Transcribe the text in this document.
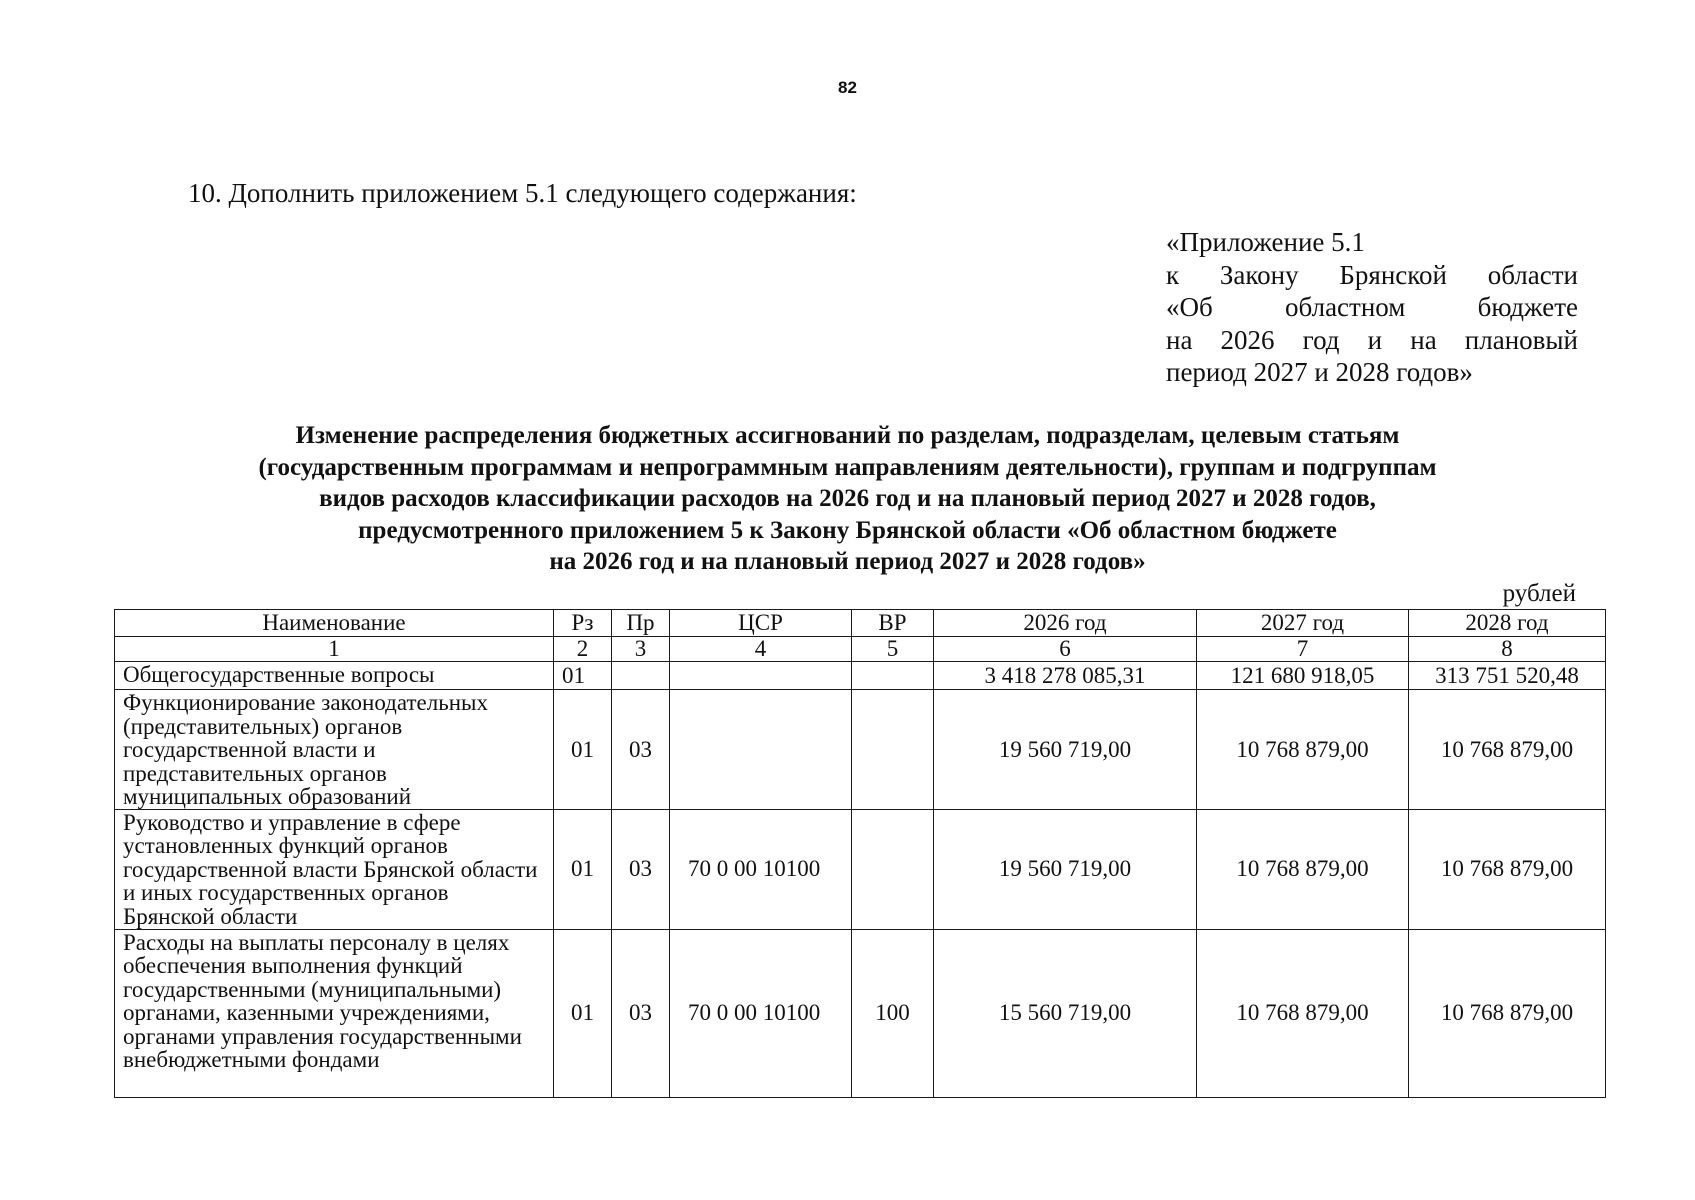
82
10. Дополнить приложением 5.1 следующего содержания:
«Приложение 5.1
к Закону Брянской области
«Об областном бюджете
на 2026 год и на плановый
период 2027 и 2028 годов»
Изменение распределения бюджетных ассигнований по разделам, подразделам, целевым статьям
(государственным программам и непрограммным направлениям деятельности), группам и подгруппам
видов расходов классификации расходов на 2026 год и на плановый период 2027 и 2028 годов,
предусмотренного приложением 5 к Закону Брянской области «Об областном бюджете
на 2026 год и на плановый период 2027 и 2028 годов»
рублей
Наименование	Рз	Пр	ЦСР	ВР	2026 год	2027 год	2028 год
1	2	3	4	5	6	7	8
Общегосударственные вопросы	01				3 418 278 085,31	121 680 918,05	313 751 520,48
Функционирование законодательных (представительных) органов государственной власти и представительных органов муниципальных образований	01	03			19 560 719,00	10 768 879,00	10 768 879,00
Руководство и управление в сфере установленных функций органов государственной власти Брянской области и иных государственных органов Брянской области	01	03	70 0 00 10100		19 560 719,00	10 768 879,00	10 768 879,00
Расходы на выплаты персоналу в целях обеспечения выполнения функций государственными (муниципальными) органами, казенными учреждениями, органами управления государственными внебюджетными фондами	01	03	70 0 00 10100	100	15 560 719,00	10 768 879,00	10 768 879,00
